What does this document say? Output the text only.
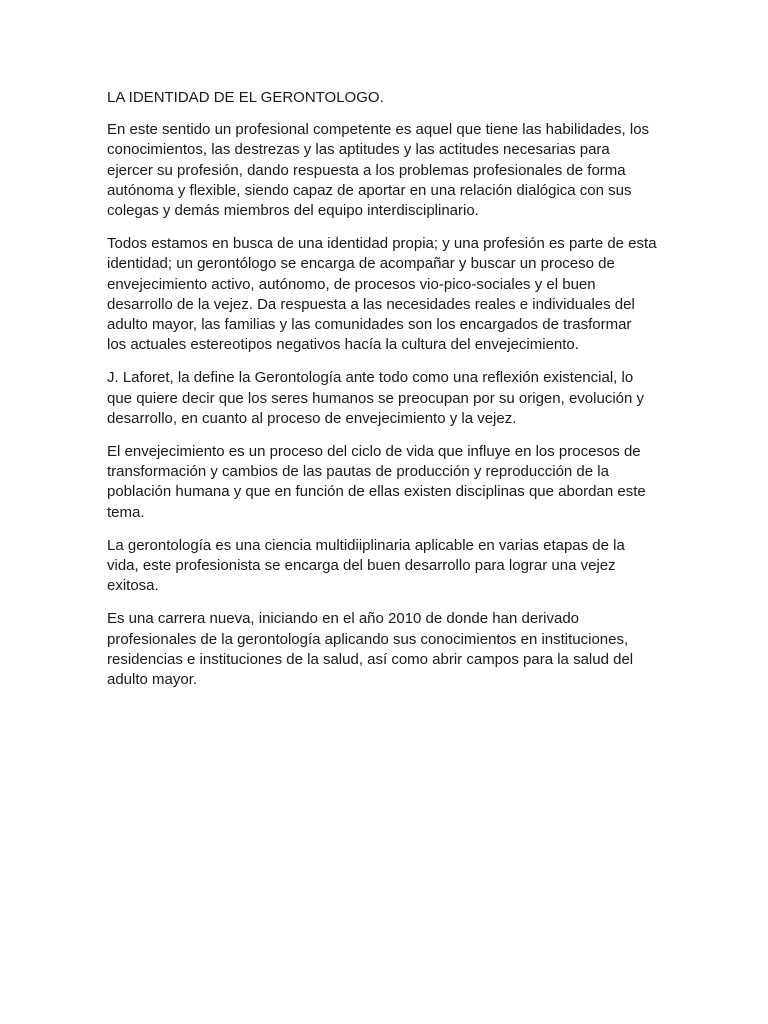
LA IDENTIDAD DE EL GERONTOLOGO.
En este sentido un profesional competente es aquel que tiene las habilidades, los
conocimientos, las destrezas y las aptitudes y las actitudes necesarias para
ejercer su profesión, dando respuesta a los problemas profesionales de forma
autónoma y flexible, siendo capaz de aportar en una relación dialógica con sus
colegas y demás miembros del equipo interdisciplinario.
Todos estamos en busca de una identidad propia; y una profesión es parte de esta
identidad; un gerontólogo se encarga de acompañar y buscar un proceso de
envejecimiento activo, autónomo, de procesos vio-pico-sociales y el buen
desarrollo de la vejez. Da respuesta a las necesidades reales e individuales del
adulto mayor, las familias y las comunidades son los encargados de trasformar
los actuales estereotipos negativos hacía la cultura del envejecimiento.
J. Laforet, la define la Gerontología ante todo como una reflexión existencial, lo
que quiere decir que los seres humanos se preocupan por su origen, evolución y
desarrollo, en cuanto al proceso de envejecimiento y la vejez.
El envejecimiento es un proceso del ciclo de vida que influye en los procesos de
transformación y cambios de las pautas de producción y reproducción de la
población humana y que en función de ellas existen disciplinas que abordan este
tema.
La gerontología es una ciencia multidiiplinaria aplicable en varias etapas de la
vida, este profesionista se encarga del buen desarrollo para lograr una vejez
exitosa.
Es una carrera nueva, iniciando en el año 2010 de donde han derivado
profesionales de la gerontología aplicando sus conocimientos en instituciones,
residencias e instituciones de la salud, así como abrir campos para la salud del
adulto mayor.
